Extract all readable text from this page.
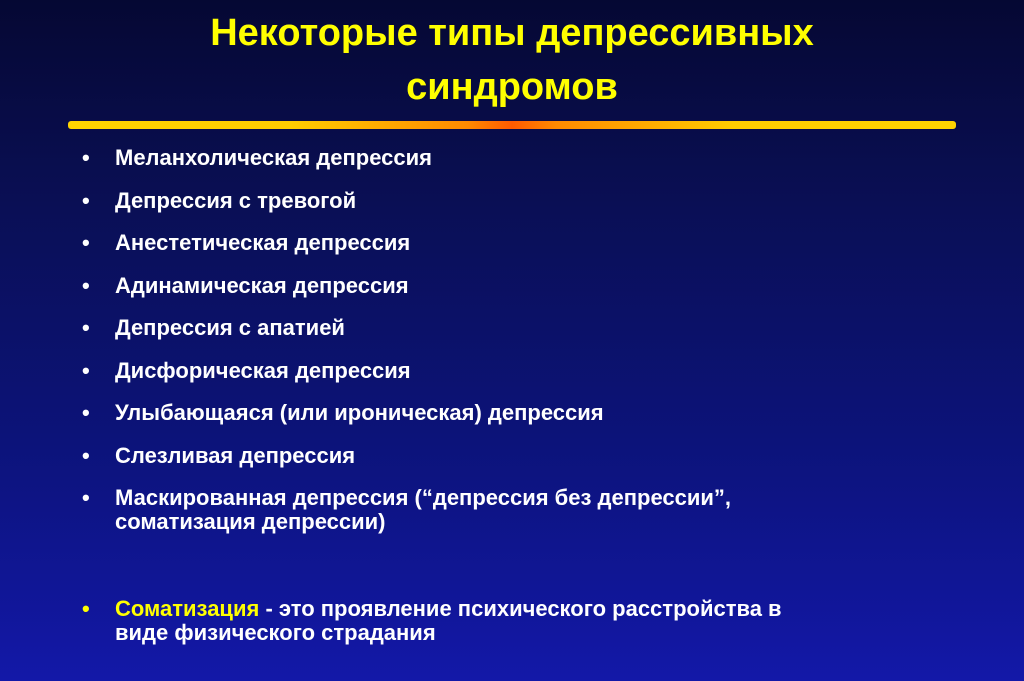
Некоторые типы депрессивных
синдромов
• Меланхолическая депрессия
• Депрессия с тревогой
• Анестетическая депрессия
• Адинамическая депрессия
• Депрессия с апатией
• Дисфорическая депрессия
• Улыбающаяся (или ироническая) депрессия
• Слезливая депрессия
• Маскированная депрессия (“депрессия без депрессии”,
соматизация депрессии)
• Соматизация - это проявление психического расстройства в
виде физического страдания
